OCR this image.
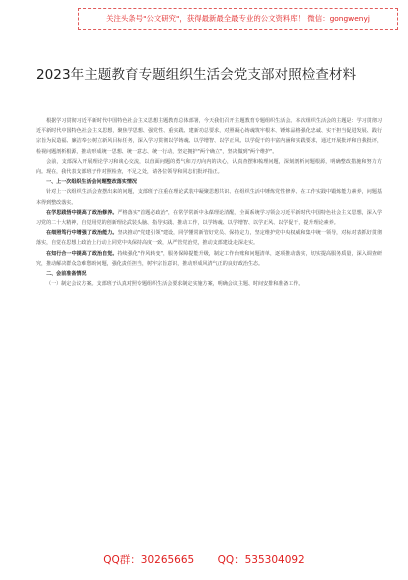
关注头条号"公文研究"，获得最新最全最专业的公文资料库！ 微信：gongwenyj
2023年主题教育专题组织生活会党支部对照检查材料

根据学习贯彻习近平新时代中国特色社会主义思想主题教育总体部署，今天我们召开主题教育专题组织生活会。本次组织生活会的主题是：学习贯彻习近平新时代中国特色社会主义思想，聚焦学思想、强党性、重实践、建新功总要求，对照凝心铸魂筑牢根本、锤炼品格强化忠诚、实干担当促进发展、践行宗旨为民造福、廉洁奉公树立新风目标任务，深入学习贯彻以学铸魂、以学增智、以学正风、以学促干的丰富内涵和实践要求，通过开展批评和自我批评，检视问题剖析根源，推动形成统一思想、统一意志、统一行动，坚定拥护"两个确立"，坚决做到"两个维护"。

会前，支部深入开展理论学习和谈心交流，以直面问题的勇气和刀刃向内的决心，认真查摆和梳理问题，深刻剖析问题根源，明确整改措施和努力方向。现在，我代表支部班子作对照检查，不足之处，请各位领导和同志们批评指正。

一、上一次组织生活会问题整改落实情况

针对上一次组织生活会查摆出来的问题，支部班子注重在理论武装中凝聚思想共识、在组织生活中锤炼党性修养、在工作实践中锻炼能力素养，问题基本得到整改落实。

在学思践悟中提高了政治修养。严格落实"首题必政治"，在常学常新中永葆理论清醒，全面系统学习领会习近平新时代中国特色社会主义思想，深入学习党的二十大精神，自觉用党的创新理论武装头脑、指导实践、推动工作，以学铸魂、以学增智、以学正风、以学促干，提升理论素养。

在细照笃行中增强了政治能力。坚决推动"党建引领"建设，同学懂常新管好党员、保持定力，坚定维护党中央权威和集中统一领导，对标对表抓好贯彻落实，自觉在思想上政治上行动上同党中央保持高度一致，从严管党治党，推动支部建设走深走实。

在知行合一中提高了政治自觉。持续强化"作风转变"，服务保障提能升级，制定工作台账和问题清单，逐项推动落实，切实提高服务质量，深入调查研究，推动解决群众急难愁盼问题，强化责任担当，树牢宗旨意识，推动形成风清气正的良好政治生态。

二、会前准备情况

（一）制定会议方案。支部班子认真对照专题组织生活会要求制定实施方案，明确会议主题、时间安排和准备工作。

QQ群：30265665 QQ：535304092
